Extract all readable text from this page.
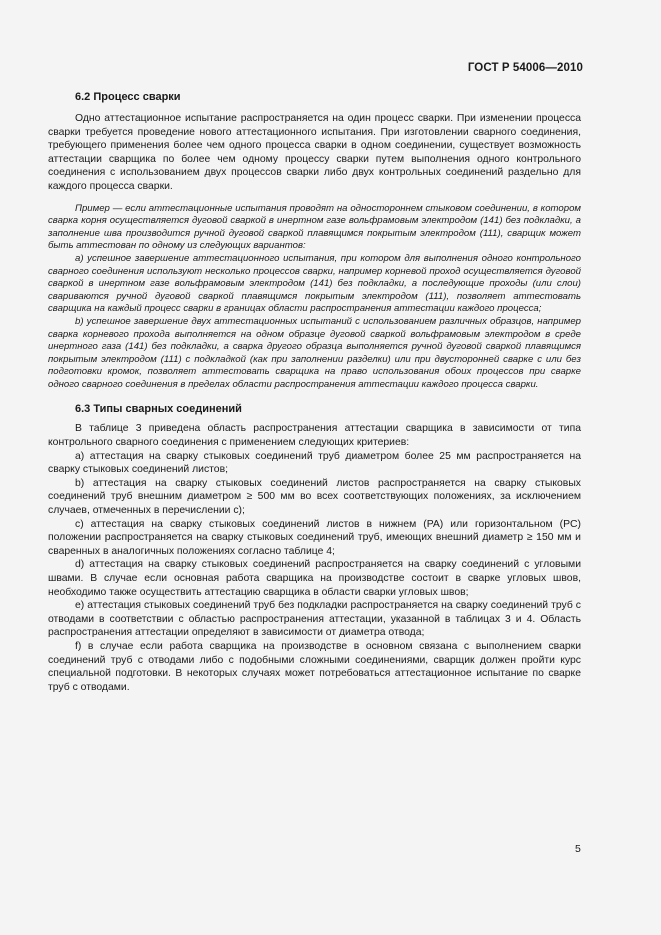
ГОСТ Р 54006—2010
6.2 Процесс сварки

Одно аттестационное испытание распространяется на один процесс сварки. При изменении процесса сварки требуется проведение нового аттестационного испытания. При изготовлении сварного соединения, требующего применения более чем одного процесса сварки в одном соединении, существует возможность аттестации сварщика по более чем одному процессу сварки путем выполнения одного контрольного соединения с использованием двух процессов сварки либо двух контрольных соединений раздельно для каждого процесса сварки.

Пример — если аттестационные испытания проводят на одностороннем стыковом соединении, в котором сварка корня осуществляется дуговой сваркой в инертном газе вольфрамовым электродом (141) без подкладки, а заполнение шва производится ручной дуговой сваркой плавящимся покрытым электродом (111), сварщик может быть аттестован по одному из следующих вариантов:

a) успешное завершение аттестационного испытания, при котором для выполнения одного контрольного сварного соединения используют несколько процессов сварки, например корневой проход осуществляется дуговой сваркой в инертном газе вольфрамовым электродом (141) без подкладки, а последующие проходы (или слои) свариваются ручной дуговой сваркой плавящимся покрытым электродом (111), позволяет аттестовать сварщика на каждый процесс сварки в границах области распространения аттестации каждого процесса;

b) успешное завершение двух аттестационных испытаний с использованием различных образцов, например сварка корневого прохода выполняется на одном образце дуговой сваркой вольфрамовым электродом в среде инертного газа (141) без подкладки, а сварка другого образца выполняется ручной дуговой сваркой плавящимся покрытым электродом (111) с подкладкой (как при заполнении разделки) или при двусторонней сварке с или без подготовки кромок, позволяет аттестовать сварщика на право использования обоих процессов при сварке одного сварного соединения в пределах области распространения аттестации каждого процесса сварки.

6.3 Типы сварных соединений

В таблице 3 приведена область распространения аттестации сварщика в зависимости от типа контрольного сварного соединения с применением следующих критериев:

a) аттестация на сварку стыковых соединений труб диаметром более 25 мм распространяется на сварку стыковых соединений листов;

b) аттестация на сварку стыковых соединений листов распространяется на сварку стыковых соединений труб внешним диаметром ≥ 500 мм во всех соответствующих положениях, за исключением случаев, отмеченных в перечислении с);

c) аттестация на сварку стыковых соединений листов в нижнем (PA) или горизонтальном (PC) положении распространяется на сварку стыковых соединений труб, имеющих внешний диаметр ≥ 150 мм и сваренных в аналогичных положениях согласно таблице 4;

d) аттестация на сварку стыковых соединений распространяется на сварку соединений с угловыми швами. В случае если основная работа сварщика на производстве состоит в сварке угловых швов, необходимо также осуществить аттестацию сварщика в области сварки угловых швов;

e) аттестация стыковых соединений труб без подкладки распространяется на сварку соединений труб с отводами в соответствии с областью распространения аттестации, указанной в таблицах 3 и 4. Область распространения аттестации определяют в зависимости от диаметра отвода;

f) в случае если работа сварщика на производстве в основном связана с выполнением сварки соединений труб с отводами либо с подобными сложными соединениями, сварщик должен пройти курс специальной подготовки. В некоторых случаях может потребоваться аттестационное испытание по сварке труб с отводами.

5
